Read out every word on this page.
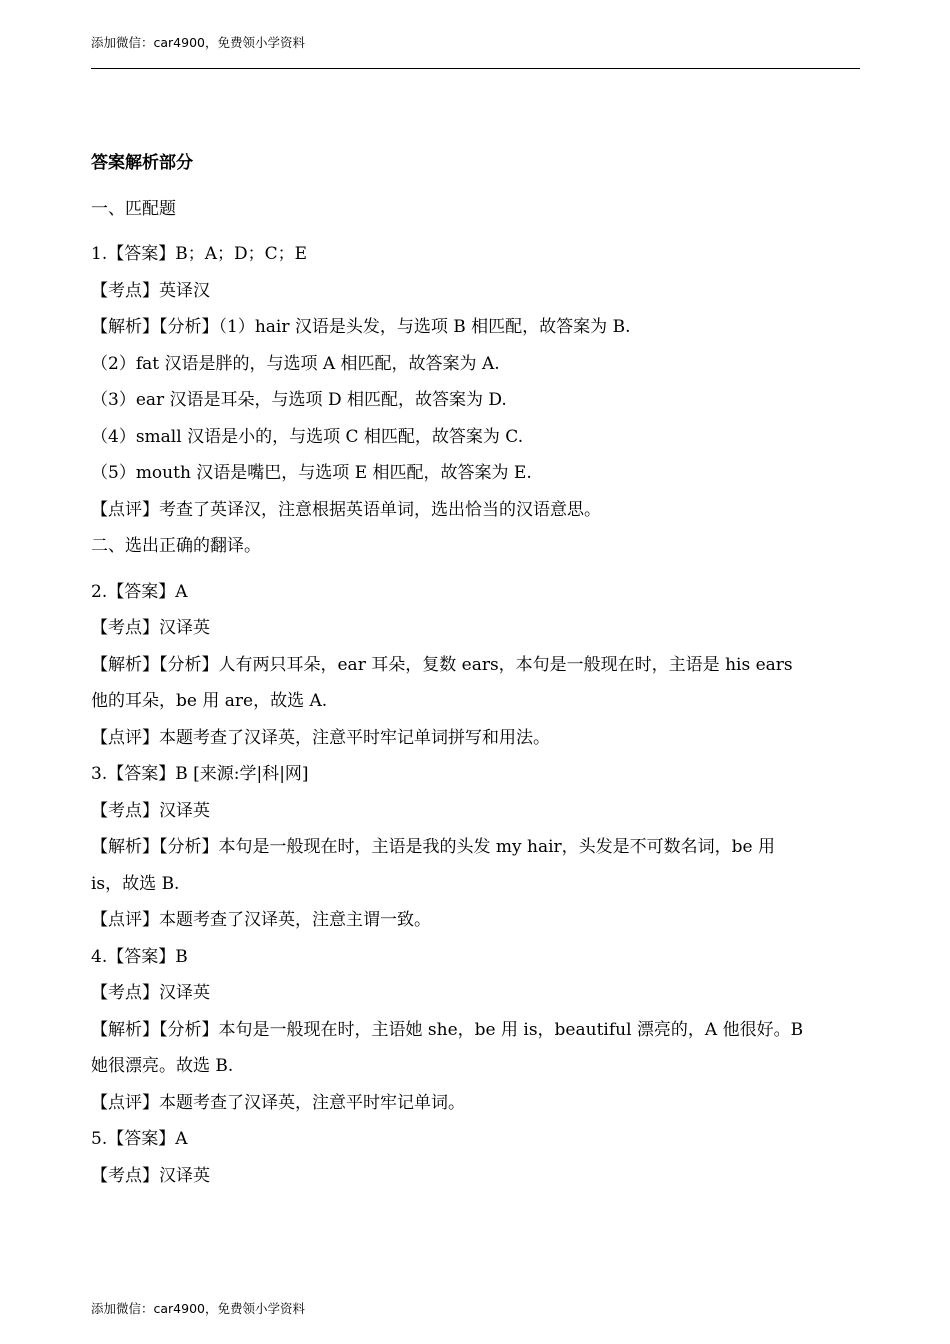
添加微信：car4900，免费领小学资料
答案解析部分
一、匹配题
1.【答案】B；A；D；C；E
【考点】英译汉
【解析】【分析】（1）hair 汉语是头发，与选项 B 相匹配，故答案为 B.
（2）fat 汉语是胖的，与选项 A 相匹配，故答案为 A.
（3）ear 汉语是耳朵，与选项 D 相匹配，故答案为 D.
（4）small 汉语是小的，与选项 C 相匹配，故答案为 C.
（5）mouth 汉语是嘴巴，与选项 E 相匹配，故答案为 E.
【点评】考查了英译汉，注意根据英语单词，选出恰当的汉语意思。
二、选出正确的翻译。
2.【答案】A
【考点】汉译英
【解析】【分析】人有两只耳朵，ear 耳朵，复数 ears，本句是一般现在时，主语是 his ears
他的耳朵，be 用 are，故选 A.
【点评】本题考查了汉译英，注意平时牢记单词拼写和用法。
3.【答案】B [来源:学|科|网]
【考点】汉译英
【解析】【分析】本句是一般现在时，主语是我的头发 my hair，头发是不可数名词，be 用
is，故选 B.
【点评】本题考查了汉译英，注意主谓一致。
4.【答案】B
【考点】汉译英
【解析】【分析】本句是一般现在时，主语她 she，be 用 is，beautiful 漂亮的，A 他很好。B
她很漂亮。故选 B.
【点评】本题考查了汉译英，注意平时牢记单词。
5.【答案】A
【考点】汉译英
添加微信：car4900，免费领小学资料
